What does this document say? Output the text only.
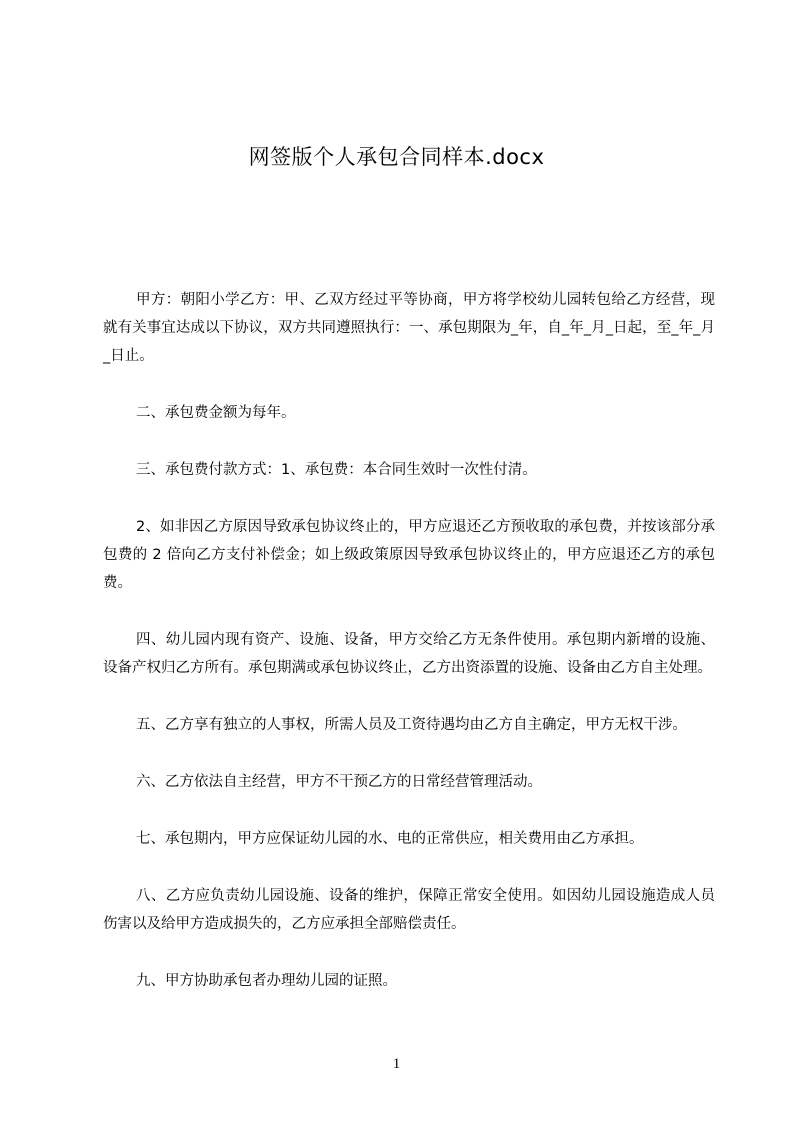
网签版个人承包合同样本.docx

甲方：朝阳小学乙方：甲、乙双方经过平等协商，甲方将学校幼儿园转包给乙方经营，现就有关事宜达成以下协议，双方共同遵照执行：一、承包期限为_年，自_年_月_日起，至_年_月_日止。

二、承包费金额为每年。

三、承包费付款方式：1、承包费：本合同生效时一次性付清。

2、如非因乙方原因导致承包协议终止的，甲方应退还乙方预收取的承包费，并按该部分承包费的 2 倍向乙方支付补偿金；如上级政策原因导致承包协议终止的，甲方应退还乙方的承包费。

四、幼儿园内现有资产、设施、设备，甲方交给乙方无条件使用。承包期内新增的设施、设备产权归乙方所有。承包期满或承包协议终止，乙方出资添置的设施、设备由乙方自主处理。

五、乙方享有独立的人事权，所需人员及工资待遇均由乙方自主确定，甲方无权干涉。

六、乙方依法自主经营，甲方不干预乙方的日常经营管理活动。

七、承包期内，甲方应保证幼儿园的水、电的正常供应，相关费用由乙方承担。

八、乙方应负责幼儿园设施、设备的维护，保障正常安全使用。如因幼儿园设施造成人员伤害以及给甲方造成损失的，乙方应承担全部赔偿责任。

九、甲方协助承包者办理幼儿园的证照。

1
